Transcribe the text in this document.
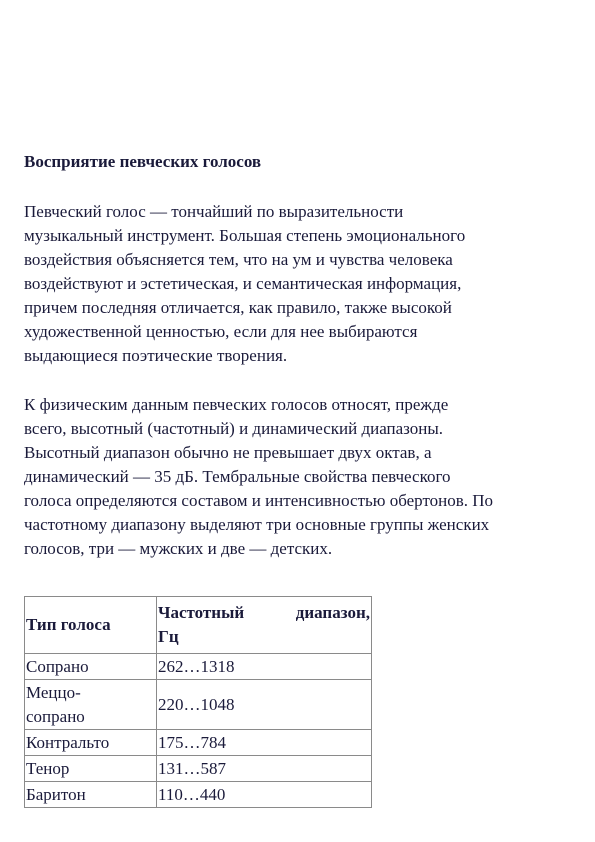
Восприятие певческих голосов

Певческий голос — тончайший по выразительности
музыкальный инструмент. Большая степень эмоционального
воздействия объясняется тем, что на ум и чувства человека
воздействуют и эстетическая, и семантическая информация,
причем последняя отличается, как правило, также высокой
художественной ценностью, если для нее выбираются
выдающиеся поэтические творения.

К физическим данным певческих голосов относят, прежде
всего, высотный (частотный) и динамический диапазоны.
Высотный диапазон обычно не превышает двух октав, а
динамический — 35 дБ. Тембральные свойства певческого
голоса определяются составом и интенсивностью обертонов. По
частотному диапазону выделяют три основные группы женских
голосов, три — мужских и две — детских.

Тип голоса	Частотный диапазон,
Гц

Сопрано	262…1318

Меццо-
сопрано	220…1048
Контральто	175…784
Тенор	131…587
Баритон	110…440
